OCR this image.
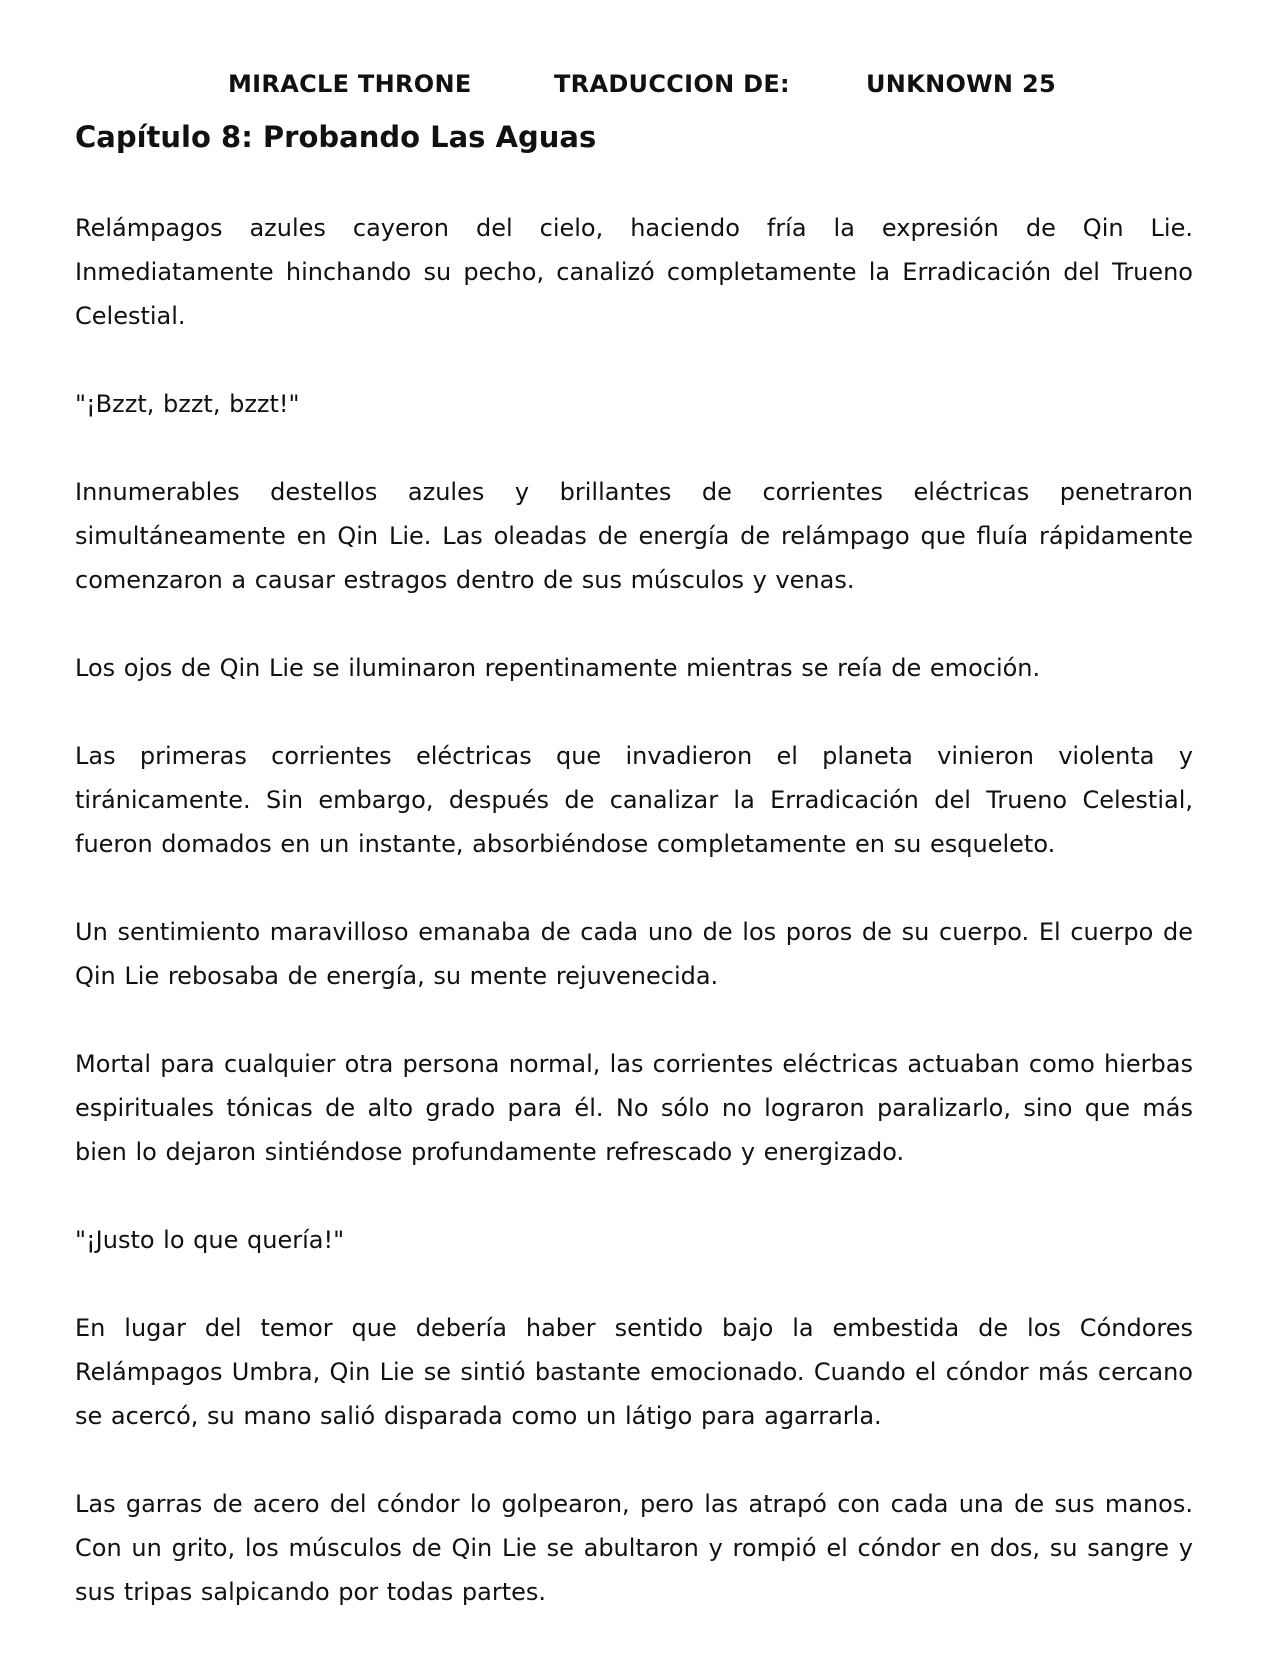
MIRACLE THRONE	TRADUCCION DE:	UNKNOWN 25
Capítulo 8: Probando Las Aguas

Relámpagos azules cayeron del cielo, haciendo fría la expresión de Qin Lie. Inmediatamente hinchando su pecho, canalizó completamente la Erradicación del Trueno Celestial.

"¡Bzzt, bzzt, bzzt!"

Innumerables destellos azules y brillantes de corrientes eléctricas penetraron simultáneamente en Qin Lie. Las oleadas de energía de relámpago que fluía rápidamente comenzaron a causar estragos dentro de sus músculos y venas.

Los ojos de Qin Lie se iluminaron repentinamente mientras se reía de emoción.

Las primeras corrientes eléctricas que invadieron el planeta vinieron violenta y tiránicamente. Sin embargo, después de canalizar la Erradicación del Trueno Celestial, fueron domados en un instante, absorbiéndose completamente en su esqueleto.

Un sentimiento maravilloso emanaba de cada uno de los poros de su cuerpo. El cuerpo de Qin Lie rebosaba de energía, su mente rejuvenecida.

Mortal para cualquier otra persona normal, las corrientes eléctricas actuaban como hierbas espirituales tónicas de alto grado para él. No sólo no lograron paralizarlo, sino que más bien lo dejaron sintiéndose profundamente refrescado y energizado.

"¡Justo lo que quería!"

En lugar del temor que debería haber sentido bajo la embestida de los Cóndores Relámpagos Umbra, Qin Lie se sintió bastante emocionado. Cuando el cóndor más cercano se acercó, su mano salió disparada como un látigo para agarrarla.

Las garras de acero del cóndor lo golpearon, pero las atrapó con cada una de sus manos. Con un grito, los músculos de Qin Lie se abultaron y rompió el cóndor en dos, su sangre y sus tripas salpicando por todas partes.
